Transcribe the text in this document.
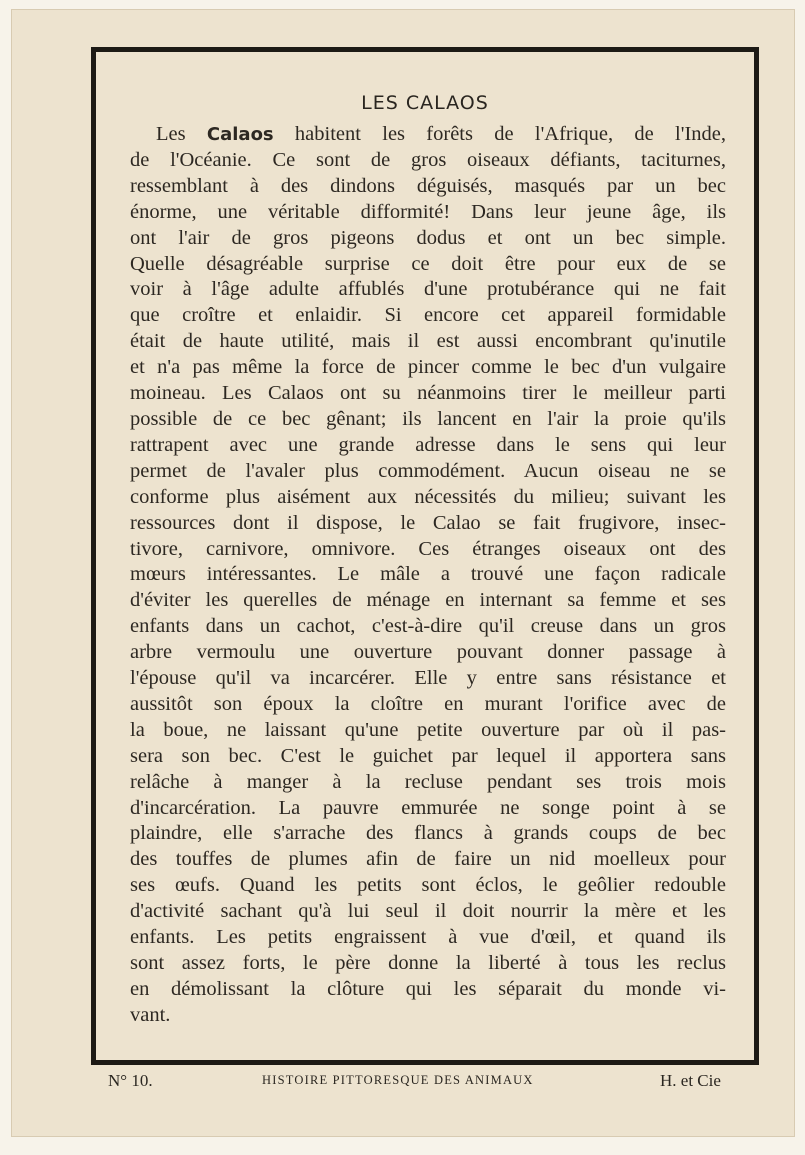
LES CALAOS
Les Calaos habitent les forêts de l'Afrique, de l'Inde,
de l'Océanie. Ce sont de gros oiseaux défiants, taciturnes,
ressemblant à des dindons déguisés, masqués par un bec
énorme, une véritable difformité! Dans leur jeune âge, ils
ont l'air de gros pigeons dodus et ont un bec simple.
Quelle désagréable surprise ce doit être pour eux de se
voir à l'âge adulte affublés d'une protubérance qui ne fait
que croître et enlaidir. Si encore cet appareil formidable
était de haute utilité, mais il est aussi encombrant qu'inutile
et n'a pas même la force de pincer comme le bec d'un vulgaire
moineau. Les Calaos ont su néanmoins tirer le meilleur parti
possible de ce bec gênant; ils lancent en l'air la proie qu'ils
rattrapent avec une grande adresse dans le sens qui leur
permet de l'avaler plus commodément. Aucun oiseau ne se
conforme plus aisément aux nécessités du milieu; suivant les
ressources dont il dispose, le Calao se fait frugivore, insec-
tivore, carnivore, omnivore. Ces étranges oiseaux ont des
mœurs intéressantes. Le mâle a trouvé une façon radicale
d'éviter les querelles de ménage en internant sa femme et ses
enfants dans un cachot, c'est-à-dire qu'il creuse dans un gros
arbre vermoulu une ouverture pouvant donner passage à
l'épouse qu'il va incarcérer. Elle y entre sans résistance et
aussitôt son époux la cloître en murant l'orifice avec de
la boue, ne laissant qu'une petite ouverture par où il pas-
sera son bec. C'est le guichet par lequel il apportera sans
relâche à manger à la recluse pendant ses trois mois
d'incarcération. La pauvre emmurée ne songe point à se
plaindre, elle s'arrache des flancs à grands coups de bec
des touffes de plumes afin de faire un nid moelleux pour
ses œufs. Quand les petits sont éclos, le geôlier redouble
d'activité sachant qu'à lui seul il doit nourrir la mère et les
enfants. Les petits engraissent à vue d'œil, et quand ils
sont assez forts, le père donne la liberté à tous les reclus
en démolissant la clôture qui les séparait du monde vi-
vant.
N° 10.	HISTOIRE PITTORESQUE DES ANIMAUX	H. et Cie
